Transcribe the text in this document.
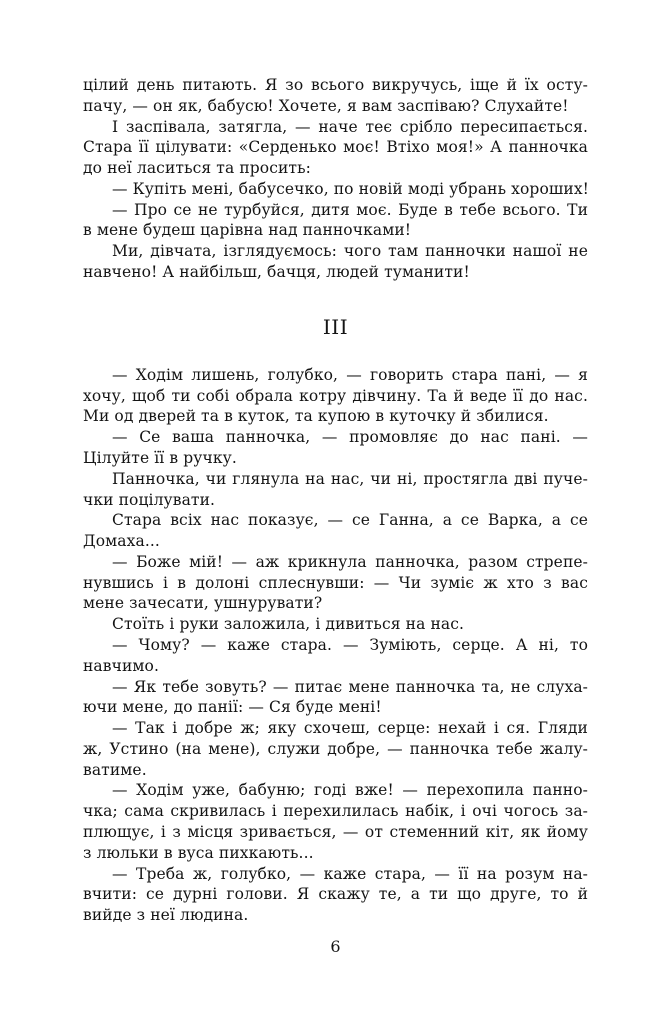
цілий день питають. Я зо всього викручусь, іще й їх осту-
пачу, — он як, бабусю! Хочете, я вам заспіваю? Слухайте!
І заспівала, затягла, — наче теє срібло пересипається.
Стара її цілувати: «Серденько моє! Втіхо моя!» А панночка
до неї ласиться та просить:
— Купіть мені, бабусечко, по новій моді убрань хороших!
— Про се не турбуйся, дитя моє. Буде в тебе всього. Ти
в мене будеш царівна над панночками!
Ми, дівчата, ізглядуємось: чого там панночки нашої не
навчено! А найбільш, бачця, людей туманити!
III
— Ходім лишень, голубко, — говорить стара пані, — я
хочу, щоб ти собі обрала котру дівчину. Та й веде її до нас.
Ми од дверей та в куток, та купою в куточку й збилися.
— Се ваша панночка, — промовляє до нас пані. —
Цілуйте її в ручку.
Панночка, чи глянула на нас, чи ні, простягла дві пуче-
чки поцілувати.
Стара всіх нас показує, — се Ганна, а се Варка, а се
Домаха...
— Боже мій! — аж крикнула панночка, разом стрепе-
нувшись і в долоні сплеснувши: — Чи зуміє ж хто з вас
мене зачесати, ушнурувати?
Стоїть і руки заложила, і дивиться на нас.
— Чому? — каже стара. — Зуміють, серце. А ні, то
навчимо.
— Як тебе зовуть? — питає мене панночка та, не слуха-
ючи мене, до панії: — Ся буде мені!
— Так і добре ж; яку схочеш, серце: нехай і ся. Гляди
ж, Устино (на мене), служи добре, — панночка тебе жалу-
ватиме.
— Ходім уже, бабуню; годі вже! — перехопила панно-
чка; сама скривилась і перехилилась набік, і очі чогось за-
плющує, і з місця зривається, — от стеменний кіт, як йому
з люльки в вуса пихкають...
— Треба ж, голубко, — каже стара, — її на розум на-
вчити: се дурні голови. Я скажу те, а ти що друге, то й
вийде з неї людина.
6
